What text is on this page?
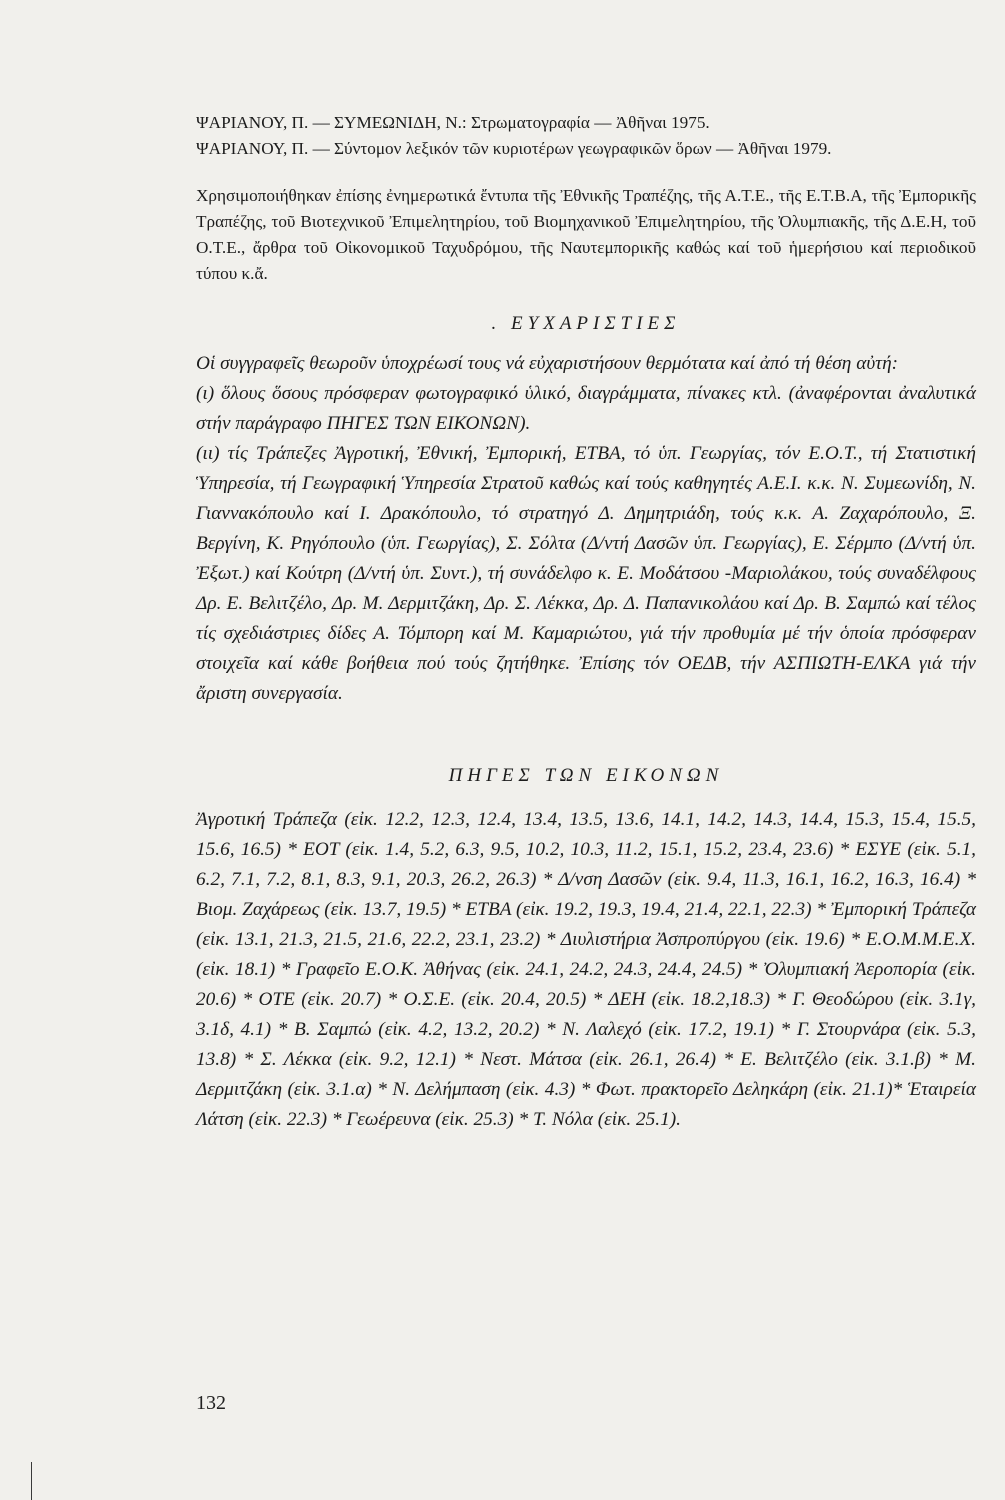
ΨΑΡΙΑΝΟΥ, Π. — ΣΥΜΕΩΝΙΔΗ, Ν.: Στρωματογραφία — Ἀθῆναι 1975.

ΨΑΡΙΑΝΟΥ, Π. — Σύντομον λεξικόν τῶν κυριοτέρων γεωγραφικῶν ὅρων — Ἀθῆναι 1979.

Χρησιμοποιήθηκαν ἐπίσης ἐνημερωτικά ἔντυπα τῆς Ἐθνικῆς Τραπέζης, τῆς Α.Τ.Ε., τῆς Ε.Τ.Β.Α, τῆς Ἐμπορικῆς Τραπέζης, τοῦ Βιοτεχνικοῦ Ἐπιμελητηρίου, τοῦ Βιομηχανικοῦ Ἐπιμελητηρίου, τῆς Ὀλυμπιακῆς, τῆς Δ.Ε.Η, τοῦ Ο.Τ.Ε., ἄρθρα τοῦ Οἰκονομικοῦ Ταχυδρόμου, τῆς Ναυτεμπορικῆς καθώς καί τοῦ ἡμερήσιου καί περιοδικοῦ τύπου κ.ἄ.

. ΕΥΧΑΡΙΣΤΙΕΣ

Οἱ συγγραφεῖς θεωροῦν ὑποχρέωσί τους νά εὐχαριστήσουν θερμότατα καί ἀπό τή θέση αὐτή:

(ι) ὅλους ὅσους πρόσφεραν φωτογραφικό ὑλικό, διαγράμματα, πίνακες κτλ. (ἀναφέρονται ἀναλυτικά στήν παράγραφο ΠΗΓΕΣ ΤΩΝ ΕΙΚΟΝΩΝ).

(ιι) τίς Τράπεζες Ἀγροτική, Ἐθνική, Ἐμπορική, ΕΤΒΑ, τό ὑπ. Γεωργίας, τόν Ε.Ο.Τ., τή Στατιστική Ὑπηρεσία, τή Γεωγραφική Ὑπηρεσία Στρατοῦ καθώς καί τούς καθηγητές Α.Ε.Ι. κ.κ. Ν. Συμεωνίδη, Ν. Γιαννακόπουλο καί Ι. Δρακόπουλο, τό στρατηγό Δ. Δημητριάδη, τούς κ.κ. Α. Ζαχαρόπουλο, Ξ. Βεργίνη, Κ. Ρηγόπουλο (ὑπ. Γεωργίας), Σ. Σόλτα (Δ/ντή Δασῶν ὑπ. Γεωργίας), Ε. Σέρμπο (Δ/ντή ὑπ. Ἐξωτ.) καί Κούτρη (Δ/ντή ὑπ. Συντ.), τή συνάδελφο κ. Ε. Μοδάτσου -Μαριολάκου, τούς συναδέλφους Δρ. Ε. Βελιτζέλο, Δρ. Μ. Δερμιτζάκη, Δρ. Σ. Λέκκα, Δρ. Δ. Παπανικολάου καί Δρ. Β. Σαμπώ καί τέλος τίς σχεδιάστριες δίδες Α. Τόμπορη καί Μ. Καμαριώτου, γιά τήν προθυμία μέ τήν ὁποία πρόσφεραν στοιχεῖα καί κάθε βοήθεια πού τούς ζητήθηκε. Ἐπίσης τόν ΟΕΔΒ, τήν ΑΣΠΙΩΤΗ-ΕΛΚΑ γιά τήν ἄριστη συνεργασία.

ΠΗΓΕΣ ΤΩΝ ΕΙΚΟΝΩΝ

Ἀγροτική Τράπεζα (εἰκ. 12.2, 12.3, 12.4, 13.4, 13.5, 13.6, 14.1, 14.2, 14.3, 14.4, 15.3, 15.4, 15.5, 15.6, 16.5) * ΕΟΤ (εἰκ. 1.4, 5.2, 6.3, 9.5, 10.2, 10.3, 11.2, 15.1, 15.2, 23.4, 23.6) * ΕΣΥΕ (εἰκ. 5.1, 6.2, 7.1, 7.2, 8.1, 8.3, 9.1, 20.3, 26.2, 26.3) * Δ/νση Δασῶν (εἰκ. 9.4, 11.3, 16.1, 16.2, 16.3, 16.4) * Βιομ. Ζαχάρεως (εἰκ. 13.7, 19.5) * ΕΤΒΑ (εἰκ. 19.2, 19.3, 19.4, 21.4, 22.1, 22.3) * Ἐμπορική Τράπεζα (εἰκ. 13.1, 21.3, 21.5, 21.6, 22.2, 23.1, 23.2) * Διυλιστήρια Ἀσπροπύργου (εἰκ. 19.6) * Ε.Ο.Μ.Μ.Ε.Χ. (εἰκ. 18.1) * Γραφεῖο Ε.Ο.Κ. Ἀθήνας (εἰκ. 24.1, 24.2, 24.3, 24.4, 24.5) * Ὀλυμπιακή Ἀεροπορία (εἰκ. 20.6) * ΟΤΕ (εἰκ. 20.7) * Ο.Σ.Ε. (εἰκ. 20.4, 20.5) * ΔΕΗ (εἰκ. 18.2,18.3) * Γ. Θεοδώρου (εἰκ. 3.1γ, 3.1δ, 4.1) * Β. Σαμπώ (εἰκ. 4.2, 13.2, 20.2) * Ν. Λαλεχό (εἰκ. 17.2, 19.1) * Γ. Στουρνάρα (εἰκ. 5.3, 13.8) * Σ. Λέκκα (εἰκ. 9.2, 12.1) * Νεστ. Μάτσα (εἰκ. 26.1, 26.4) * Ε. Βελιτζέλο (εἰκ. 3.1.β) * Μ. Δερμιτζάκη (εἰκ. 3.1.α) * Ν. Δελήμπαση (εἰκ. 4.3) * Φωτ. πρακτορεῖο Δεληκάρη (εἰκ. 21.1)* Ἑταιρεία Λάτση (εἰκ. 22.3) * Γεωέρευνα (εἰκ. 25.3) * Τ. Νόλα (εἰκ. 25.1).

132
